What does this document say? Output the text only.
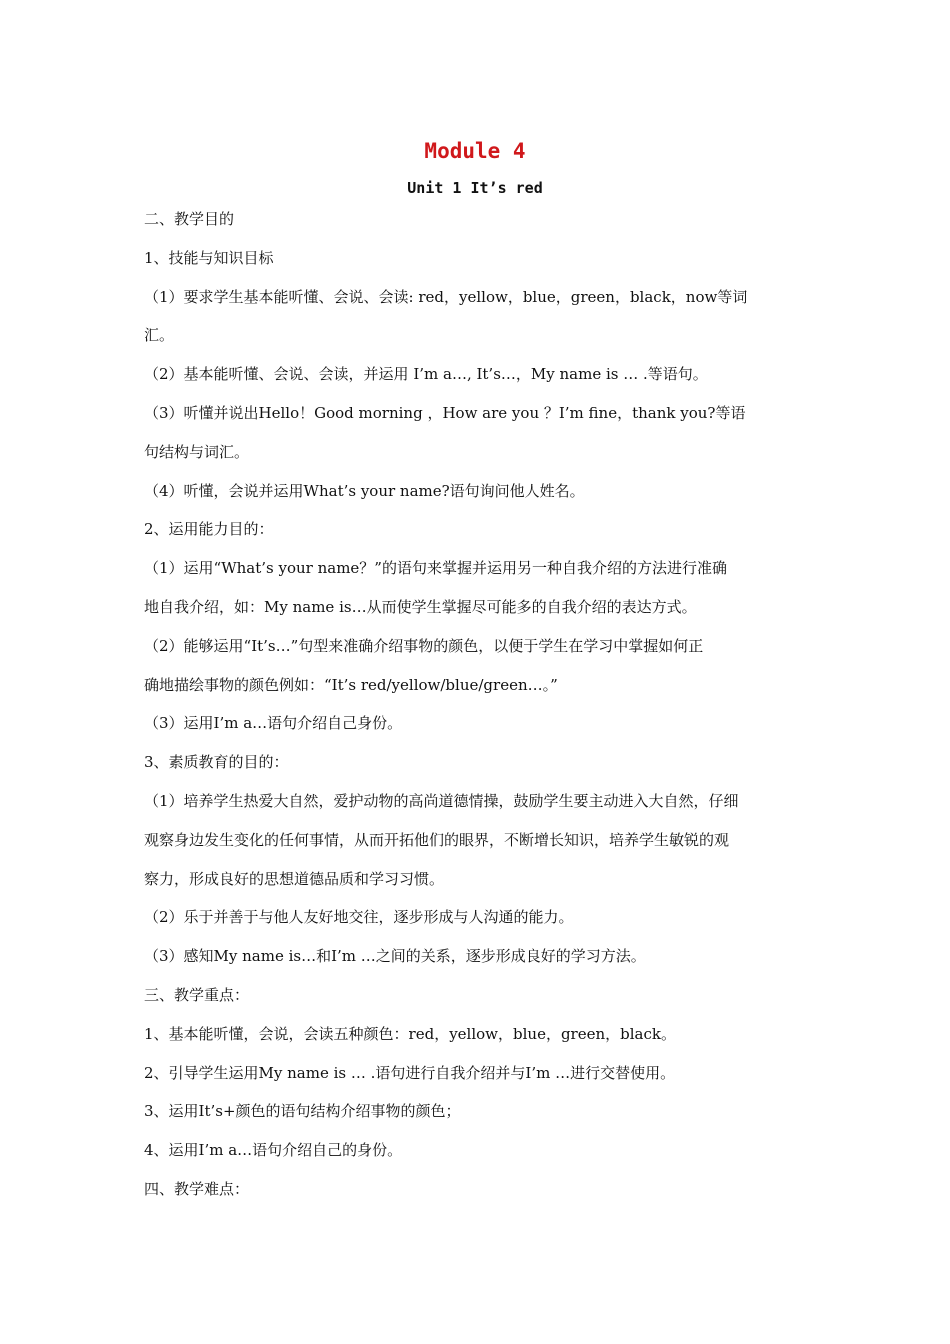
Module 4
Unit 1 It’s red
二、教学目的
1、技能与知识目标
（1）要求学生基本能听懂、会说、会读: red，yellow，blue，green，black，now等词
汇。
（2）基本能听懂、会说、会读，并运用 I’m a…, It’s…，My name is … .等语句。
（3）听懂并说出Hello！Good morning ，How are you ？I’m fine，thank you?等语
句结构与词汇。
（4）听懂，会说并运用What’s your name?语句询问他人姓名。
2、运用能力目的：
（1）运用“What’s your name？”的语句来掌握并运用另一种自我介绍的方法进行准确
地自我介绍，如：My name is…从而使学生掌握尽可能多的自我介绍的表达方式。
（2）能够运用“It’s…”句型来准确介绍事物的颜色，以便于学生在学习中掌握如何正
确地描绘事物的颜色例如：“It’s red/yellow/blue/green…。”
（3）运用I’m a…语句介绍自己身份。
3、素质教育的目的：
（1）培养学生热爱大自然，爱护动物的高尚道德情操，鼓励学生要主动进入大自然，仔细
观察身边发生变化的任何事情，从而开拓他们的眼界，不断增长知识，培养学生敏锐的观
察力，形成良好的思想道德品质和学习习惯。
（2）乐于并善于与他人友好地交往，逐步形成与人沟通的能力。
（3）感知My name is…和I’m …之间的关系，逐步形成良好的学习方法。
三、教学重点：
1、基本能听懂，会说，会读五种颜色：red，yellow，blue，green，black。
2、引导学生运用My name is … .语句进行自我介绍并与I’m …进行交替使用。
3、运用It’s+颜色的语句结构介绍事物的颜色；
4、运用I’m a…语句介绍自己的身份。
四、教学难点：
